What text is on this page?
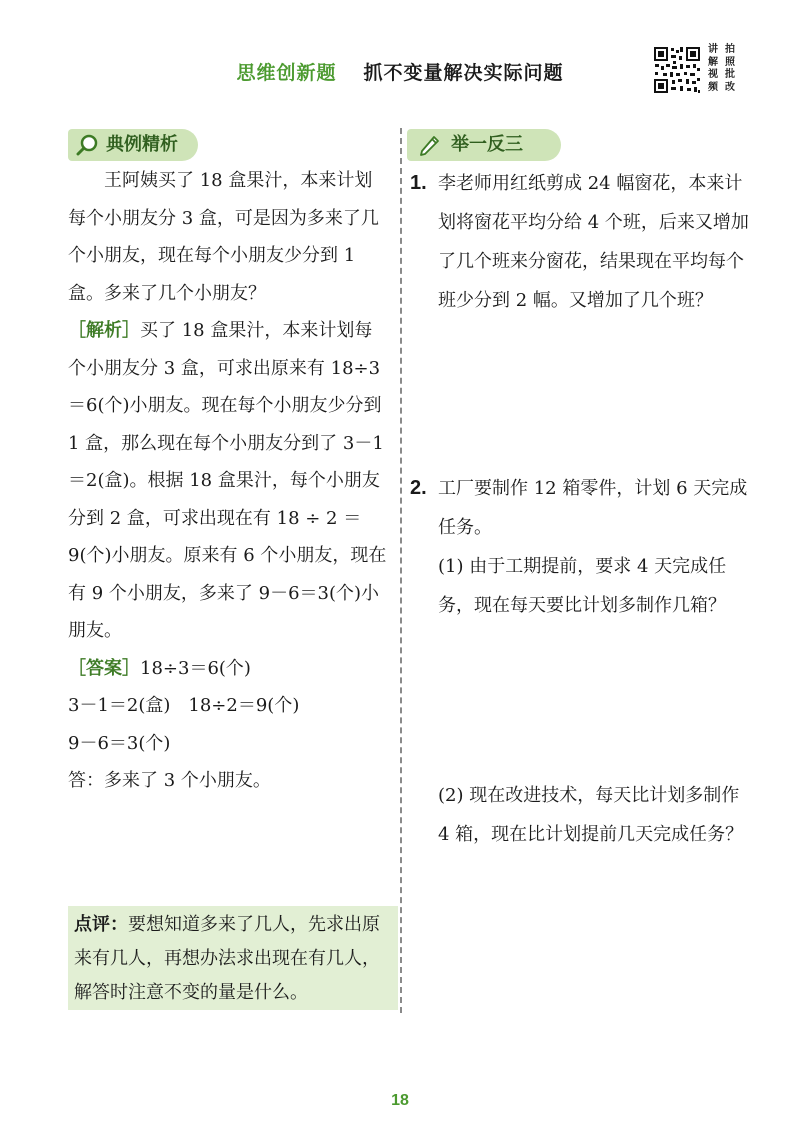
思维创新题 抓不变量解决实际问题
讲 拍
解 照
视 批
频 改
典例精析	举一反三

王阿姨买了 18 盒果汁，本来计划每个小朋友分 3 盒，可是因为多来了几个小朋友，现在每个小朋友少分到 1 盒。多来了几个小朋友？

［解析］买了 18 盒果汁，本来计划每个小朋友分 3 盒，可求出原来有 18÷3＝6(个)小朋友。现在每个小朋友少分到 1 盒，那么现在每个小朋友分到了 3－1＝2(盒)。根据 18 盒果汁，每个小朋友分到 2 盒，可求出现在有 18 ÷ 2 ＝ 9(个)小朋友。原来有 6 个小朋友，现在有 9 个小朋友，多来了 9－6＝3(个)小朋友。

［答案］18÷3＝6(个)

3－1＝2(盒)　18÷2＝9(个)

9－6＝3(个)

答：多来了 3 个小朋友。

点评：要想知道多来了几人，先求出原来有几人，再想办法求出现在有几人，解答时注意不变的量是什么。
1. 李老师用红纸剪成 24 幅窗花，本来计划将窗花平均分给 4 个班，后来又增加了几个班来分窗花，结果现在平均每个班少分到 2 幅。又增加了几个班？

2. 工厂要制作 12 箱零件，计划 6 天完成任务。

(1) 由于工期提前，要求 4 天完成任务，现在每天要比计划多制作几箱？

(2) 现在改进技术，每天比计划多制作 4 箱，现在比计划提前几天完成任务？

18
